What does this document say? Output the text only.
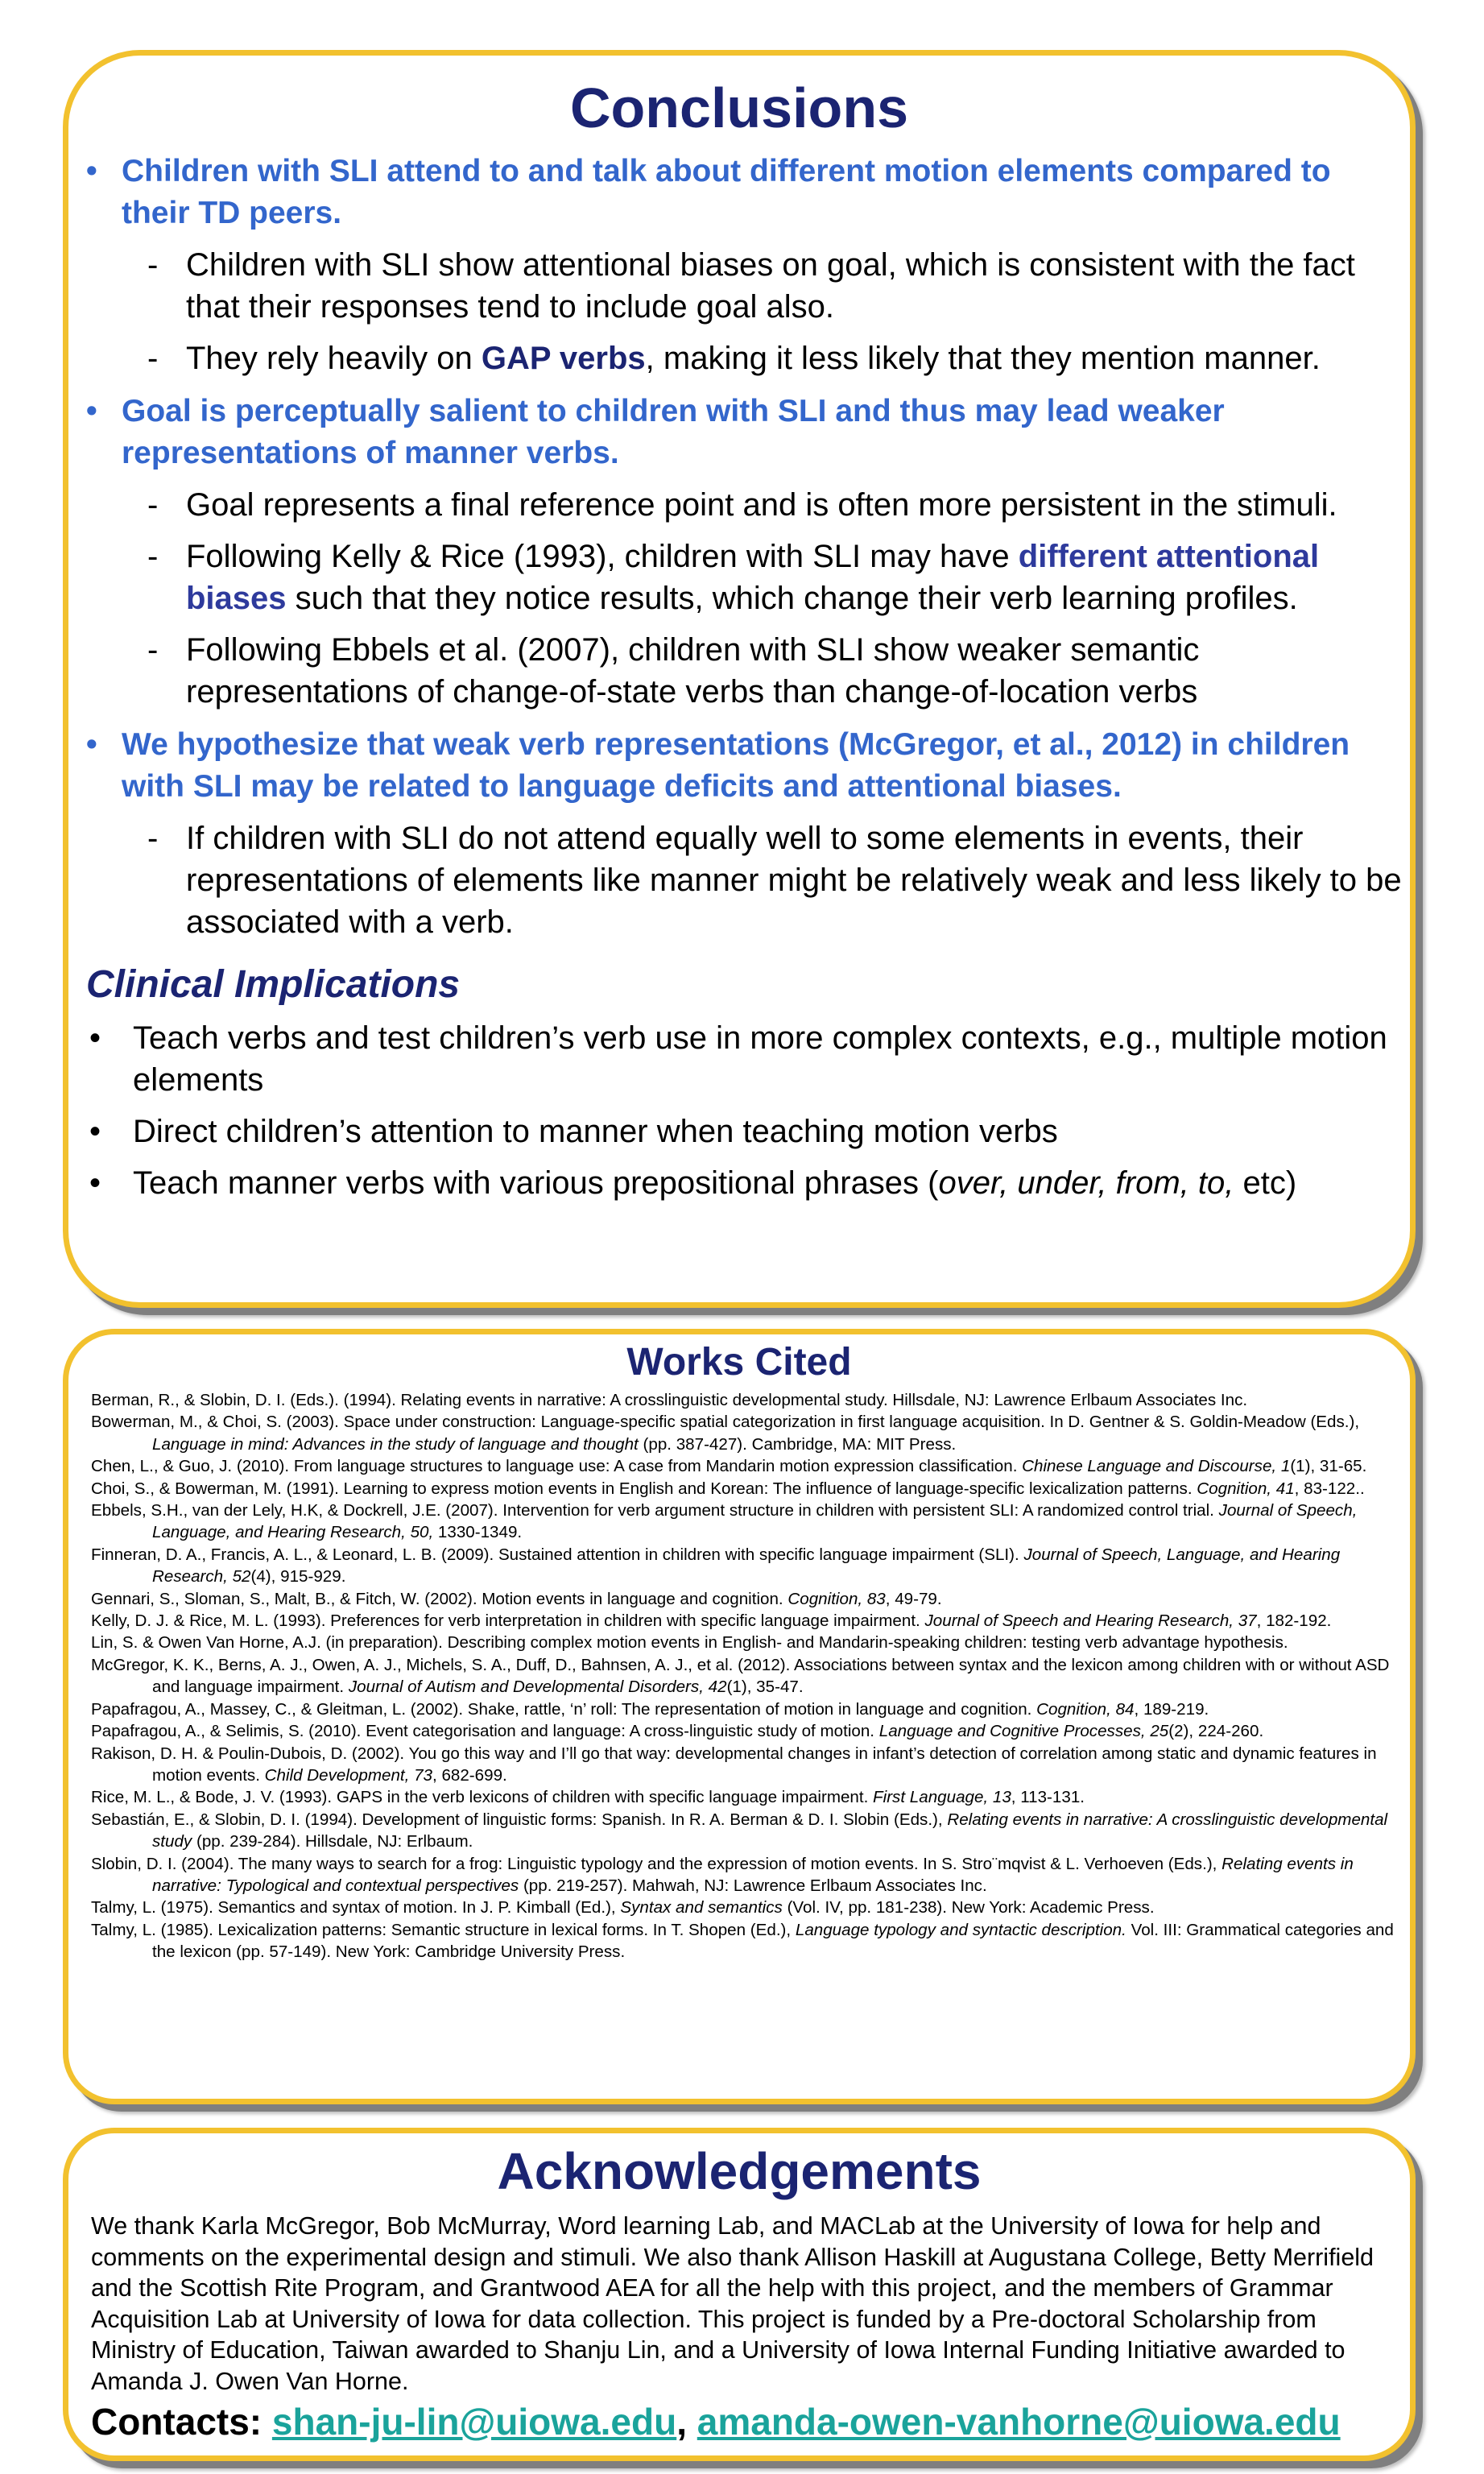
Conclusions
• Children with SLI attend to and talk about different motion elements compared to their TD peers.
- Children with SLI show attentional biases on goal, which is consistent with the fact that their responses tend to include goal also.
- They rely heavily on GAP verbs, making it less likely that they mention manner.
• Goal is perceptually salient to children with SLI and thus may lead weaker representations of manner verbs.
- Goal represents a final reference point and is often more persistent in the stimuli.
- Following Kelly & Rice (1993), children with SLI may have different attentional biases such that they notice results, which change their verb learning profiles.
- Following Ebbels et al. (2007), children with SLI show weaker semantic representations of change-of-state verbs than change-of-location verbs
• We hypothesize that weak verb representations (McGregor, et al., 2012) in children with SLI may be related to language deficits and attentional biases.
- If children with SLI do not attend equally well to some elements in events, their representations of elements like manner might be relatively weak and less likely to be associated with a verb.
Clinical Implications
• Teach verbs and test children’s verb use in more complex contexts, e.g., multiple motion elements
• Direct children’s attention to manner when teaching motion verbs
• Teach manner verbs with various prepositional phrases (over, under, from, to, etc)
Works Cited

Berman, R., & Slobin, D. I. (Eds.). (1994). Relating events in narrative: A crosslinguistic developmental study. Hillsdale, NJ: Lawrence Erlbaum Associates Inc.

Bowerman, M., & Choi, S. (2003). Space under construction: Language-specific spatial categorization in first language acquisition. In D. Gentner & S. Goldin-Meadow (Eds.), Language in mind: Advances in the study of language and thought (pp. 387-427). Cambridge, MA: MIT Press.

Chen, L., & Guo, J. (2010). From language structures to language use: A case from Mandarin motion expression classification. Chinese Language and Discourse, 1(1), 31-65.

Choi, S., & Bowerman, M. (1991). Learning to express motion events in English and Korean: The influence of language-specific lexicalization patterns. Cognition, 41, 83-122..

Ebbels, S.H., van der Lely, H.K, & Dockrell, J.E. (2007). Intervention for verb argument structure in children with persistent SLI: A randomized control trial. Journal of Speech, Language, and Hearing Research, 50, 1330-1349.

Finneran, D. A., Francis, A. L., & Leonard, L. B. (2009). Sustained attention in children with specific language impairment (SLI). Journal of Speech, Language, and Hearing Research, 52(4), 915-929.

Gennari, S., Sloman, S., Malt, B., & Fitch, W. (2002). Motion events in language and cognition. Cognition, 83, 49-79.

Kelly, D. J. & Rice, M. L. (1993). Preferences for verb interpretation in children with specific language impairment. Journal of Speech and Hearing Research, 37, 182-192.

Lin, S. & Owen Van Horne, A.J. (in preparation). Describing complex motion events in English- and Mandarin-speaking children: testing verb advantage hypothesis.

McGregor, K. K., Berns, A. J., Owen, A. J., Michels, S. A., Duff, D., Bahnsen, A. J., et al. (2012). Associations between syntax and the lexicon among children with or without ASD and language impairment. Journal of Autism and Developmental Disorders, 42(1), 35-47.

Papafragou, A., Massey, C., & Gleitman, L. (2002). Shake, rattle, ‘n’ roll: The representation of motion in language and cognition. Cognition, 84, 189-219.

Papafragou, A., & Selimis, S. (2010). Event categorisation and language: A cross-linguistic study of motion. Language and Cognitive Processes, 25(2), 224-260.

Rakison, D. H. & Poulin-Dubois, D. (2002). You go this way and I’ll go that way: developmental changes in infant’s detection of correlation among static and dynamic features in motion events. Child Development, 73, 682-699.

Rice, M. L., & Bode, J. V. (1993). GAPS in the verb lexicons of children with specific language impairment. First Language, 13, 113-131.

Sebastián, E., & Slobin, D. I. (1994). Development of linguistic forms: Spanish. In R. A. Berman & D. I. Slobin (Eds.), Relating events in narrative: A crosslinguistic developmental study (pp. 239-284). Hillsdale, NJ: Erlbaum.

Slobin, D. I. (2004). The many ways to search for a frog: Linguistic typology and the expression of motion events. In S. Stro¨mqvist & L. Verhoeven (Eds.), Relating events in narrative: Typological and contextual perspectives (pp. 219-257). Mahwah, NJ: Lawrence Erlbaum Associates Inc.

Talmy, L. (1975). Semantics and syntax of motion. In J. P. Kimball (Ed.), Syntax and semantics (Vol. IV, pp. 181-238). New York: Academic Press.

Talmy, L. (1985). Lexicalization patterns: Semantic structure in lexical forms. In T. Shopen (Ed.), Language typology and syntactic description. Vol. III: Grammatical categories and the lexicon (pp. 57-149). New York: Cambridge University Press.

Acknowledgements

We thank Karla McGregor, Bob McMurray, Word learning Lab, and MACLab at the University of Iowa for help and comments on the experimental design and stimuli. We also thank Allison Haskill at Augustana College, Betty Merrifield and the Scottish Rite Program, and Grantwood AEA for all the help with this project, and the members of Grammar Acquisition Lab at University of Iowa for data collection. This project is funded by a Pre-doctoral Scholarship from Ministry of Education, Taiwan awarded to Shanju Lin, and a University of Iowa Internal Funding Initiative awarded to Amanda J. Owen Van Horne.

Contacts: shan-ju-lin@uiowa.edu, amanda-owen-vanhorne@uiowa.edu
